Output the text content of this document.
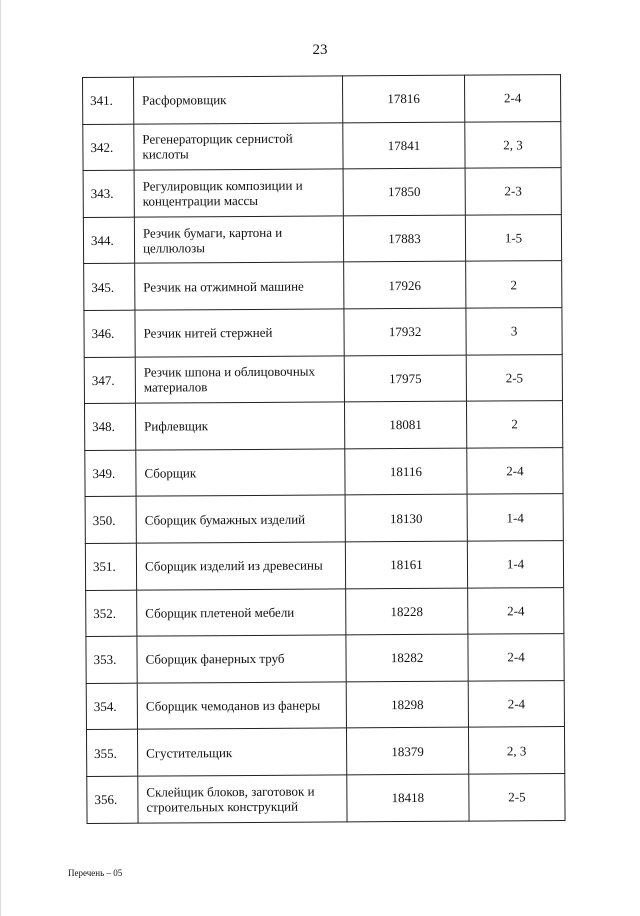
23
341.	Расформовщик	17816	2-4
342.	Регенераторщик сернистой кислоты	17841	2, 3
343.	Регулировщик композиции и концентрации массы	17850	2-3
344.	Резчик бумаги, картона и целлюлозы	17883	1-5
345.	Резчик на отжимной машине	17926	2
346.	Резчик нитей стержней	17932	3
347.	Резчик шпона и облицовочных материалов	17975	2-5
348.	Рифлевщик	18081	2
349.	Сборщик	18116	2-4
350.	Сборщик бумажных изделий	18130	1-4
351.	Сборщик изделий из древесины	18161	1-4
352.	Сборщик плетеной мебели	18228	2-4
353.	Сборщик фанерных труб	18282	2-4
354.	Сборщик чемоданов из фанеры	18298	2-4
355.	Сгустительщик	18379	2, 3
356.	Склейщик блоков, заготовок и строительных конструкций	18418	2-5
Перечень – 05
